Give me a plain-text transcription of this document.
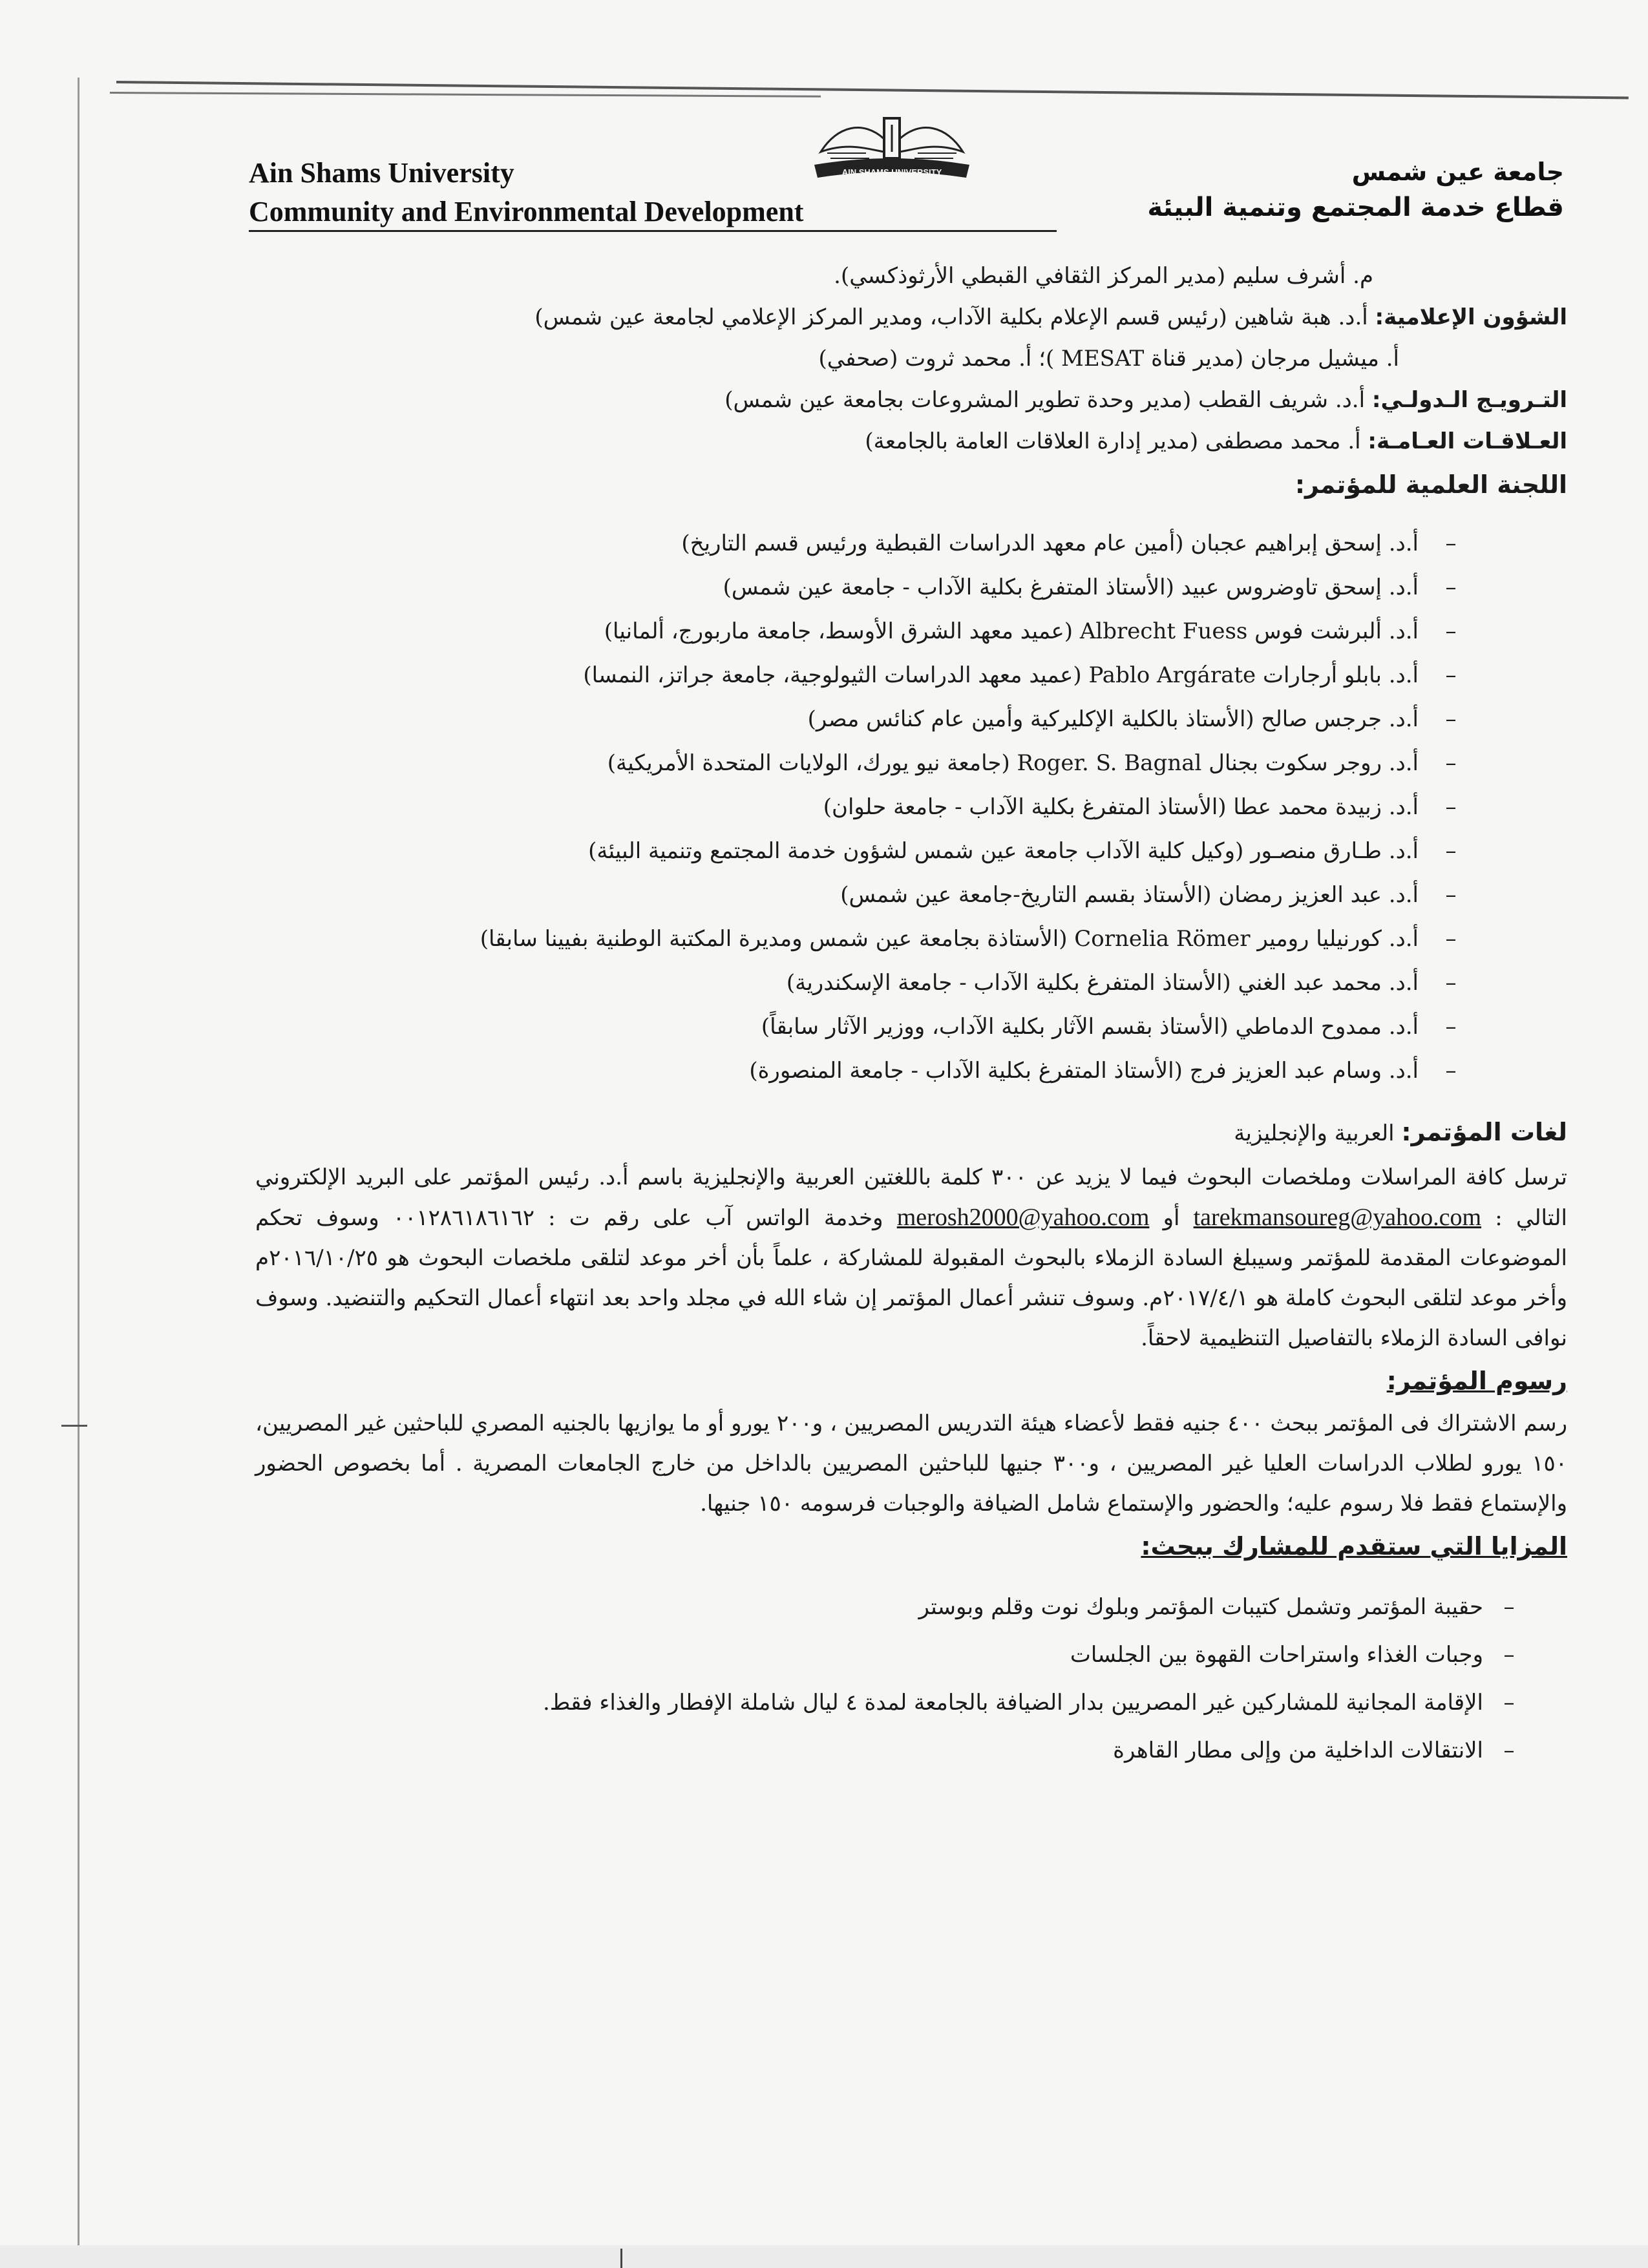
Ain Shams University
Community and Environmental Development
AIN SHAMS UNIVERSITY	جامعة عين شمس
قطاع خدمة المجتمع وتنمية البيئة
م. أشرف سليم (مدير المركز الثقافي القبطي الأرثوذكسي).
الشؤون الإعلامية: أ.د. هبة شاهين (رئيس قسم الإعلام بكلية الآداب، ومدير المركز الإعلامي لجامعة عين شمس)
أ. ميشيل مرجان (مدير قناة MESAT )؛ أ. محمد ثروت (صحفي)
التـرويـج الـدولـي: أ.د. شريف القطب (مدير وحدة تطوير المشروعات بجامعة عين شمس)
العـلاقـات العـامـة: أ. محمد مصطفى (مدير إدارة العلاقات العامة بالجامعة)
اللجنة العلمية للمؤتمر:
–
أ.د. إسحق إبراهيم عجبان (أمين عام معهد الدراسات القبطية ورئيس قسم التاريخ)
–
أ.د. إسحق تاوضروس عبيد (الأستاذ المتفرغ بكلية الآداب - جامعة عين شمس)
–
أ.د. ألبرشت فوس Albrecht Fuess (عميد معهد الشرق الأوسط، جامعة ماربورج، ألمانيا)
–
أ.د. بابلو أرجارات Pablo Argárate (عميد معهد الدراسات الثيولوجية، جامعة جراتز، النمسا)
–
أ.د. جرجس صالح (الأستاذ بالكلية الإكليركية وأمين عام كنائس مصر)
–
أ.د. روجر سكوت بجنال Roger. S. Bagnal (جامعة نيو يورك، الولايات المتحدة الأمريكية)
–
أ.د. زبيدة محمد عطا (الأستاذ المتفرغ بكلية الآداب - جامعة حلوان)
–
أ.د. طـارق منصـور (وكيل كلية الآداب جامعة عين شمس لشؤون خدمة المجتمع وتنمية البيئة)
–
أ.د. عبد العزيز رمضان (الأستاذ بقسم التاريخ-جامعة عين شمس)
–
أ.د. كورنيليا رومير Cornelia Römer (الأستاذة بجامعة عين شمس ومديرة المكتبة الوطنية بفيينا سابقا)
–
أ.د. محمد عبد الغني (الأستاذ المتفرغ بكلية الآداب - جامعة الإسكندرية)
–
أ.د. ممدوح الدماطي (الأستاذ بقسم الآثار بكلية الآداب، ووزير الآثار سابقاً)
–
أ.د. وسام عبد العزيز فرج (الأستاذ المتفرغ بكلية الآداب - جامعة المنصورة)
لغات المؤتمر: العربية والإنجليزية

ترسل كافة المراسلات وملخصات البحوث فيما لا يزيد عن ٣٠٠ كلمة باللغتين العربية والإنجليزية باسم أ.د. رئيس المؤتمر على البريد الإلكتروني التالي : tarekmansoureg@yahoo.com أو merosh2000@yahoo.com وخدمة الواتس آب على رقم ت : ٠٠١٢٨٦١٨٦١٦٢ وسوف تحكم الموضوعات المقدمة للمؤتمر وسيبلغ السادة الزملاء بالبحوث المقبولة للمشاركة ، علماً بأن أخر موعد لتلقى ملخصات البحوث هو ٢٠١٦/١٠/٢٥م وأخر موعد لتلقى البحوث كاملة هو ٢٠١٧/٤/١م. وسوف تنشر أعمال المؤتمر إن شاء الله في مجلد واحد بعد انتهاء أعمال التحكيم والتنضيد. وسوف نوافى السادة الزملاء بالتفاصيل التنظيمية لاحقاً.

رسوم المؤتمر:

رسم الاشتراك فى المؤتمر ببحث ٤٠٠ جنيه فقط لأعضاء هيئة التدريس المصريين ، و٢٠٠ يورو أو ما يوازيها بالجنيه المصري للباحثين غير المصريين، ١٥٠ يورو لطلاب الدراسات العليا غير المصريين ، و٣٠٠ جنيها للباحثين المصريين بالداخل من خارج الجامعات المصرية . أما بخصوص الحضور والإستماع فقط فلا رسوم عليه؛ والحضور والإستماع شامل الضيافة والوجبات فرسومه ١٥٠ جنيها.

المزايا التي ستقدم للمشارك ببحث:
–
حقيبة المؤتمر وتشمل كتيبات المؤتمر وبلوك نوت وقلم وبوستر
–
وجبات الغذاء واستراحات القهوة بين الجلسات
–
الإقامة المجانية للمشاركين غير المصريين بدار الضيافة بالجامعة لمدة ٤ ليال شاملة الإفطار والغذاء فقط.
–
الانتقالات الداخلية من وإلى مطار القاهرة
